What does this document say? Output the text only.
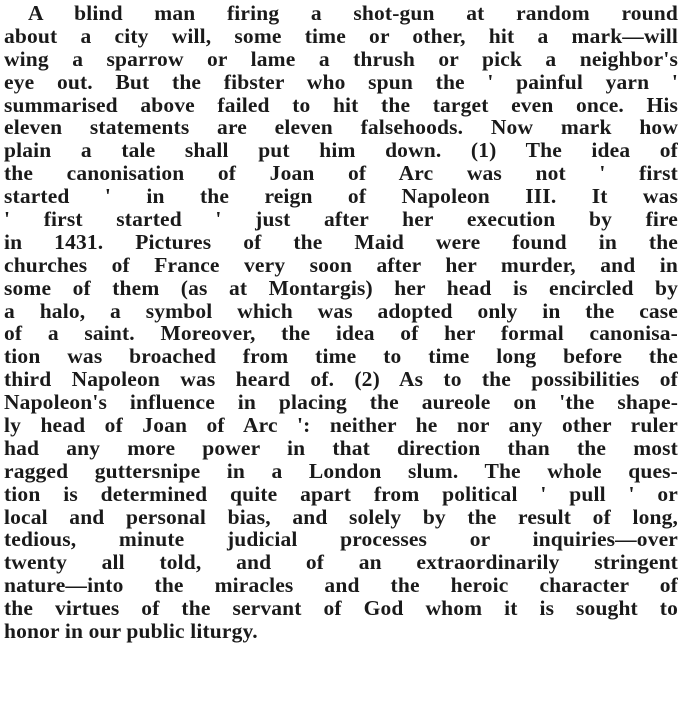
A blind man firing a shot-gun at random round
about a city will, some time or other, hit a mark—will
wing a sparrow or lame a thrush or pick a neighbor's
eye out. But the fibster who spun the ' painful yarn '
summarised above failed to hit the target even once. His
eleven statements are eleven falsehoods. Now mark how
plain a tale shall put him down. (1) The idea of
the canonisation of Joan of Arc was not ' first
started ' in the reign of Napoleon III. It was
' first started ' just after her execution by fire
in 1431. Pictures of the Maid were found in the
churches of France very soon after her murder, and in
some of them (as at Montargis) her head is encircled by
a halo, a symbol which was adopted only in the case
of a saint. Moreover, the idea of her formal canonisa-
tion was broached from time to time long before the
third Napoleon was heard of. (2) As to the possibilities of
Napoleon's influence in placing the aureole on 'the shape-
ly head of Joan of Arc ': neither he nor any other ruler
had any more power in that direction than the most
ragged guttersnipe in a London slum. The whole ques-
tion is determined quite apart from political ' pull ' or
local and personal bias, and solely by the result of long,
tedious, minute judicial processes or inquiries—over
twenty all told, and of an extraordinarily stringent
nature—into the miracles and the heroic character of
the virtues of the servant of God whom it is sought to
honor in our public liturgy.
